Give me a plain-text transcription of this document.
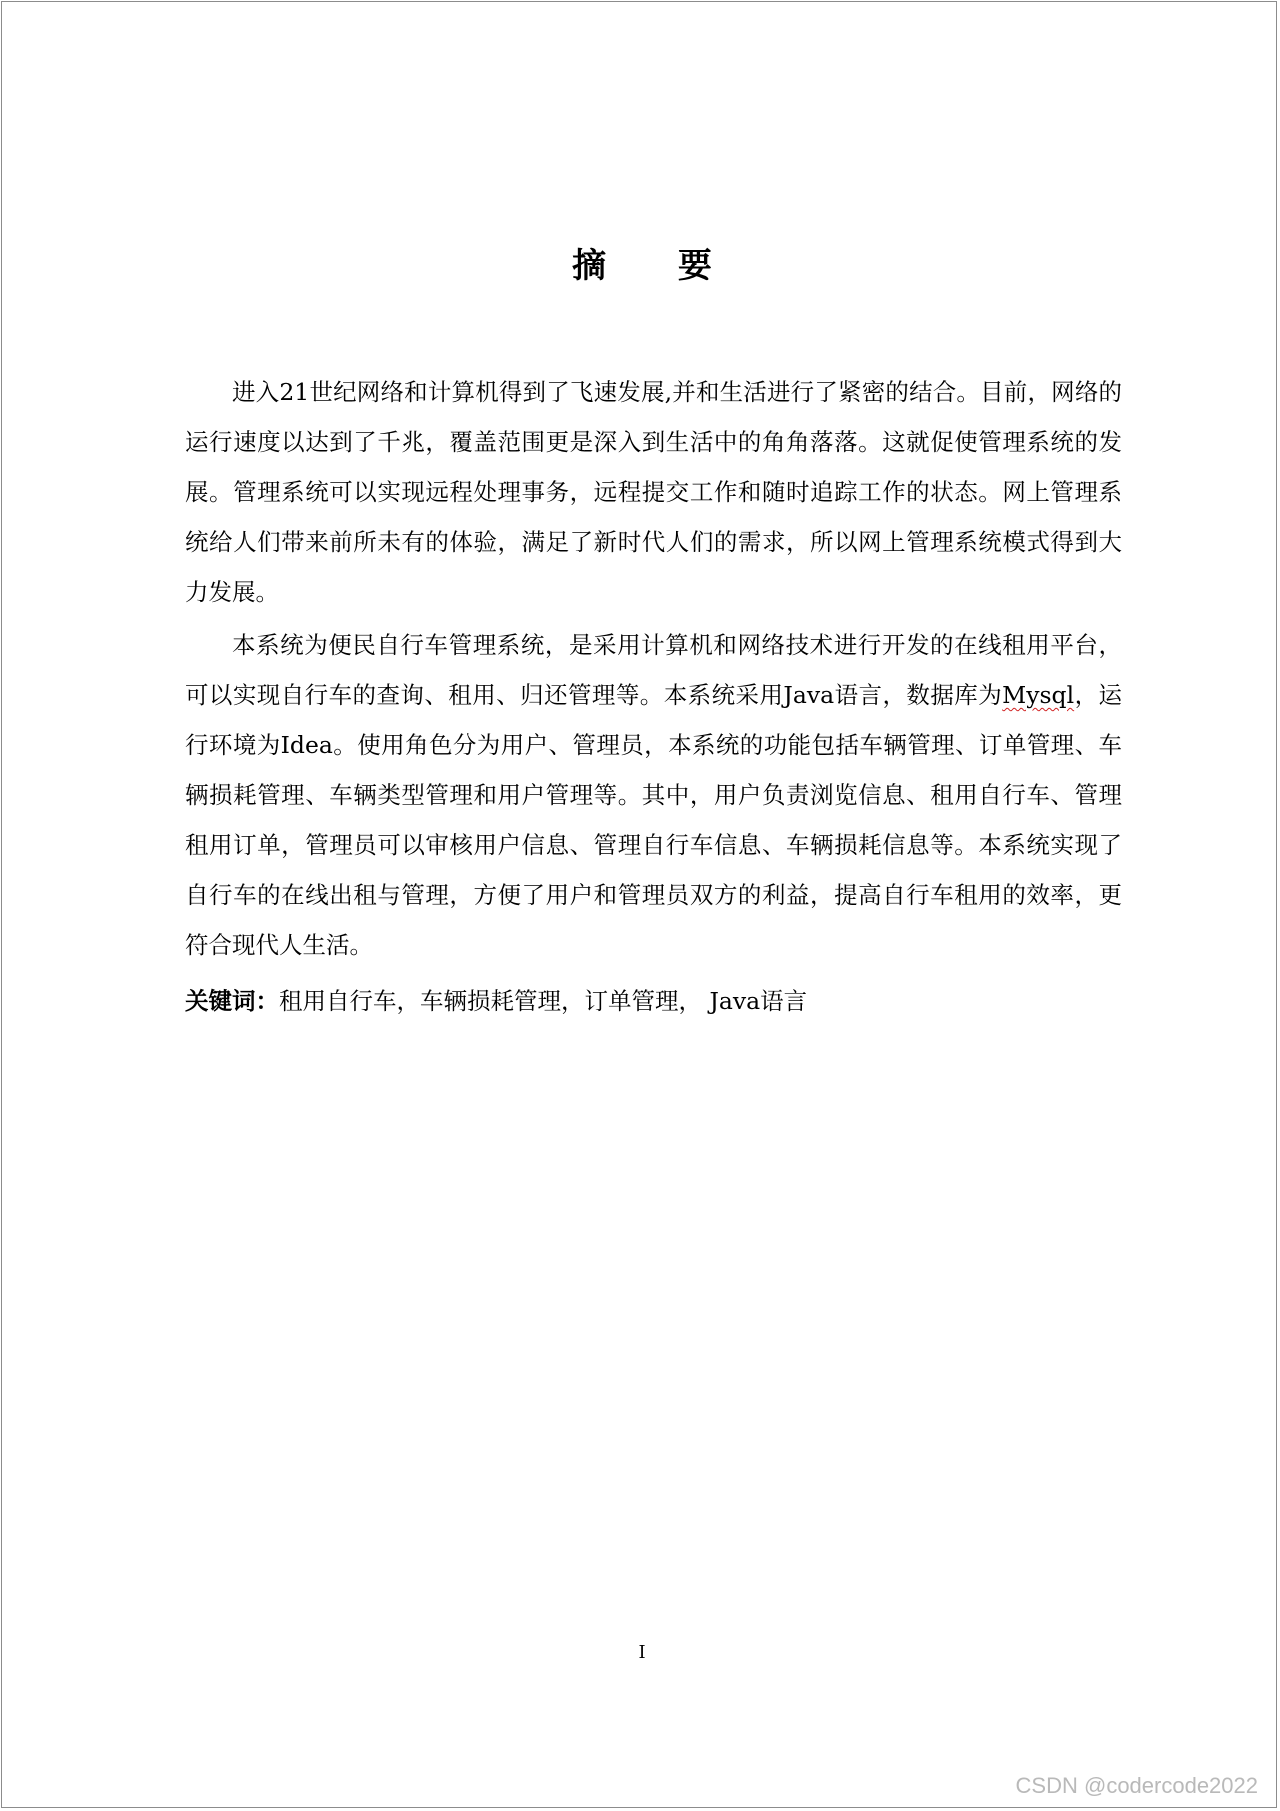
摘 要

进入21世纪网络和计算机得到了飞速发展,并和生活进行了紧密的结合。目前，网络的运行速度以达到了千兆，覆盖范围更是深入到生活中的角角落落。这就促使管理系统的发展。管理系统可以实现远程处理事务，远程提交工作和随时追踪工作的状态。网上管理系统给人们带来前所未有的体验，满足了新时代人们的需求，所以网上管理系统模式得到大力发展。

本系统为便民自行车管理系统，是采用计算机和网络技术进行开发的在线租用平台，可以实现自行车的查询、租用、归还管理等。本系统采用Java语言，数据库为Mysql，运行环境为Idea。使用角色分为用户、管理员，本系统的功能包括车辆管理、订单管理、车辆损耗管理、车辆类型管理和用户管理等。其中，用户负责浏览信息、租用自行车、管理租用订单，管理员可以审核用户信息、管理自行车信息、车辆损耗信息等。本系统实现了自行车的在线出租与管理，方便了用户和管理员双方的利益，提高自行车租用的效率，更符合现代人生活。

关键词：租用自行车，车辆损耗管理，订单管理， Java语言

I
CSDN @codercode2022
